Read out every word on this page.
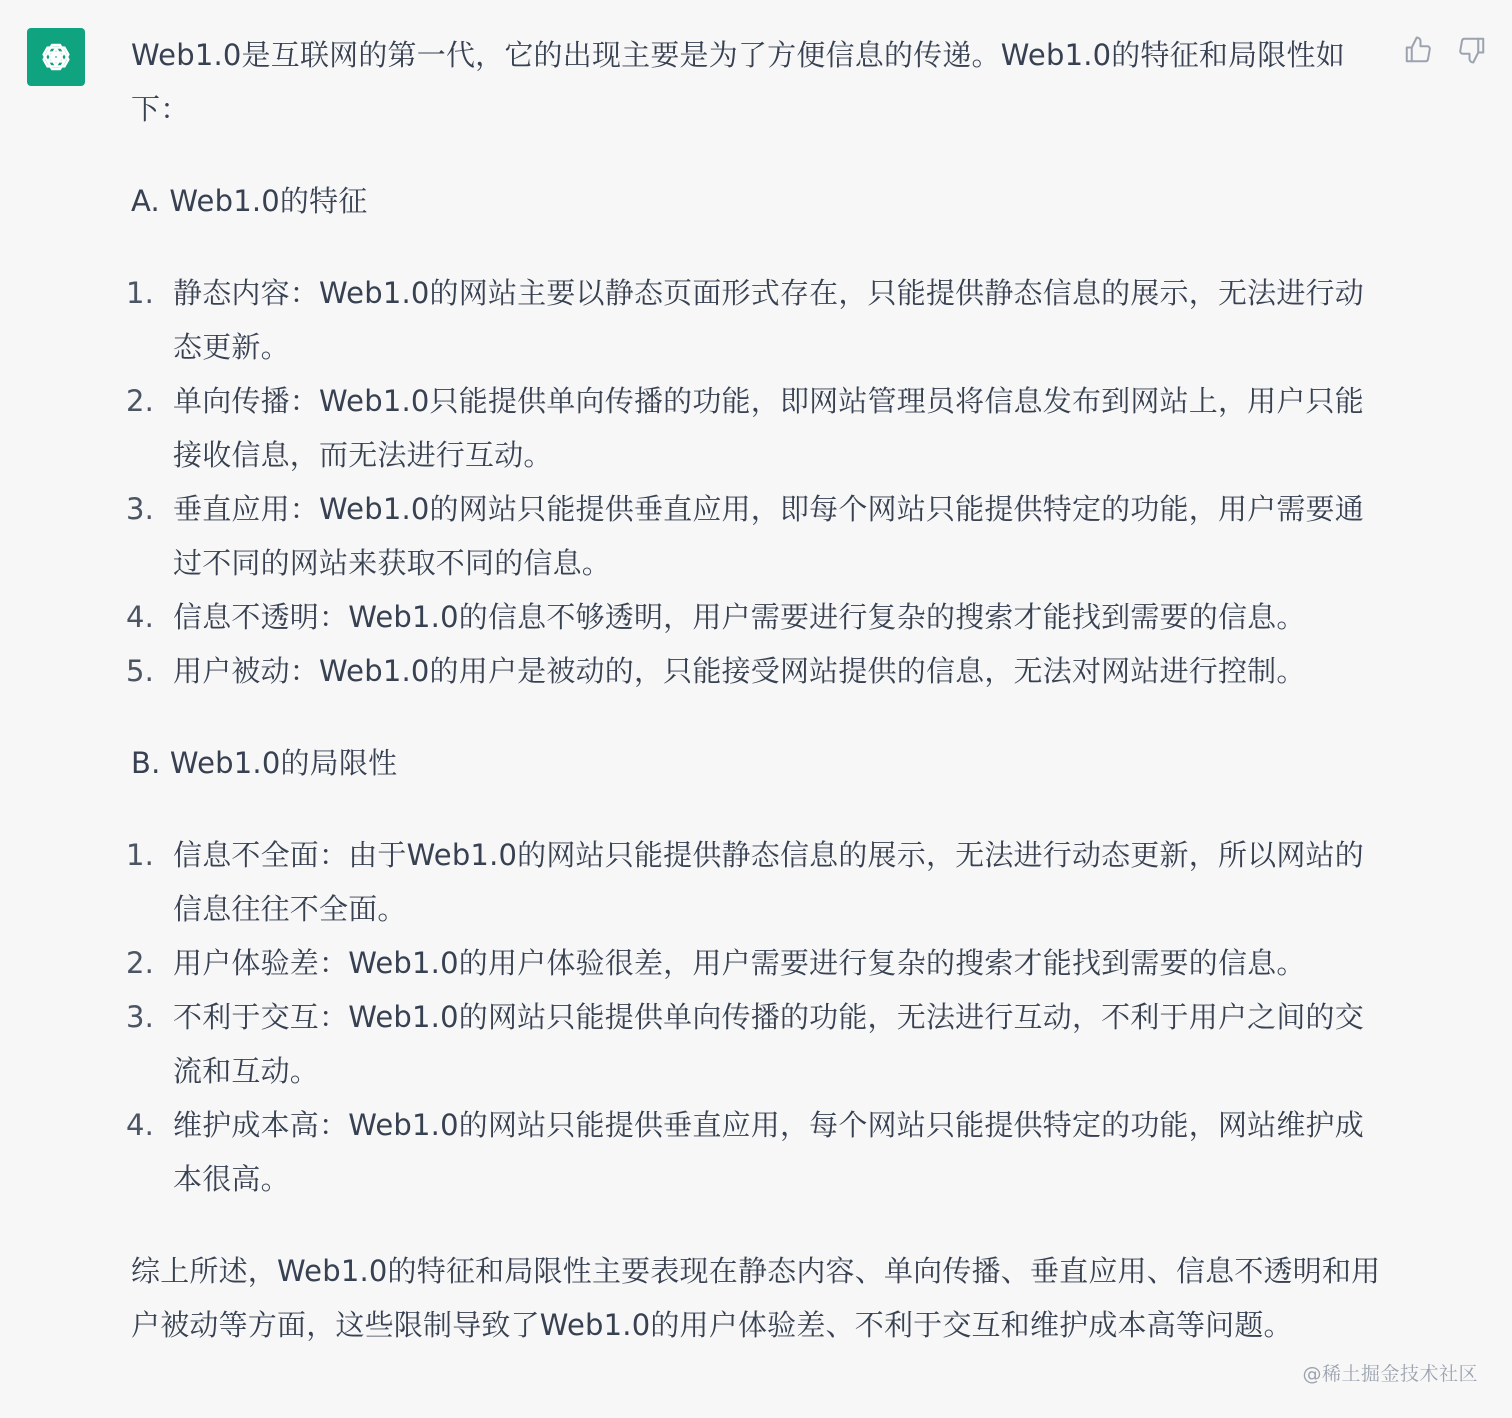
Web1.0是互联网的第一代，它的出现主要是为了方便信息的传递。Web1.0的特征和局限性如下：

A. Web1.0的特征

1. 静态内容：Web1.0的网站主要以静态页面形式存在，只能提供静态信息的展示，无法进行动态更新。
2. 单向传播：Web1.0只能提供单向传播的功能，即网站管理员将信息发布到网站上，用户只能接收信息，而无法进行互动。
3. 垂直应用：Web1.0的网站只能提供垂直应用，即每个网站只能提供特定的功能，用户需要通过不同的网站来获取不同的信息。
4. 信息不透明：Web1.0的信息不够透明，用户需要进行复杂的搜索才能找到需要的信息。
5. 用户被动：Web1.0的用户是被动的，只能接受网站提供的信息，无法对网站进行控制。

B. Web1.0的局限性

1. 信息不全面：由于Web1.0的网站只能提供静态信息的展示，无法进行动态更新，所以网站的信息往往不全面。
2. 用户体验差：Web1.0的用户体验很差，用户需要进行复杂的搜索才能找到需要的信息。
3. 不利于交互：Web1.0的网站只能提供单向传播的功能，无法进行互动，不利于用户之间的交流和互动。
4. 维护成本高：Web1.0的网站只能提供垂直应用，每个网站只能提供特定的功能，网站维护成本很高。

综上所述，Web1.0的特征和局限性主要表现在静态内容、单向传播、垂直应用、信息不透明和用户被动等方面，这些限制导致了Web1.0的用户体验差、不利于交互和维护成本高等问题。

@稀土掘金技术社区
